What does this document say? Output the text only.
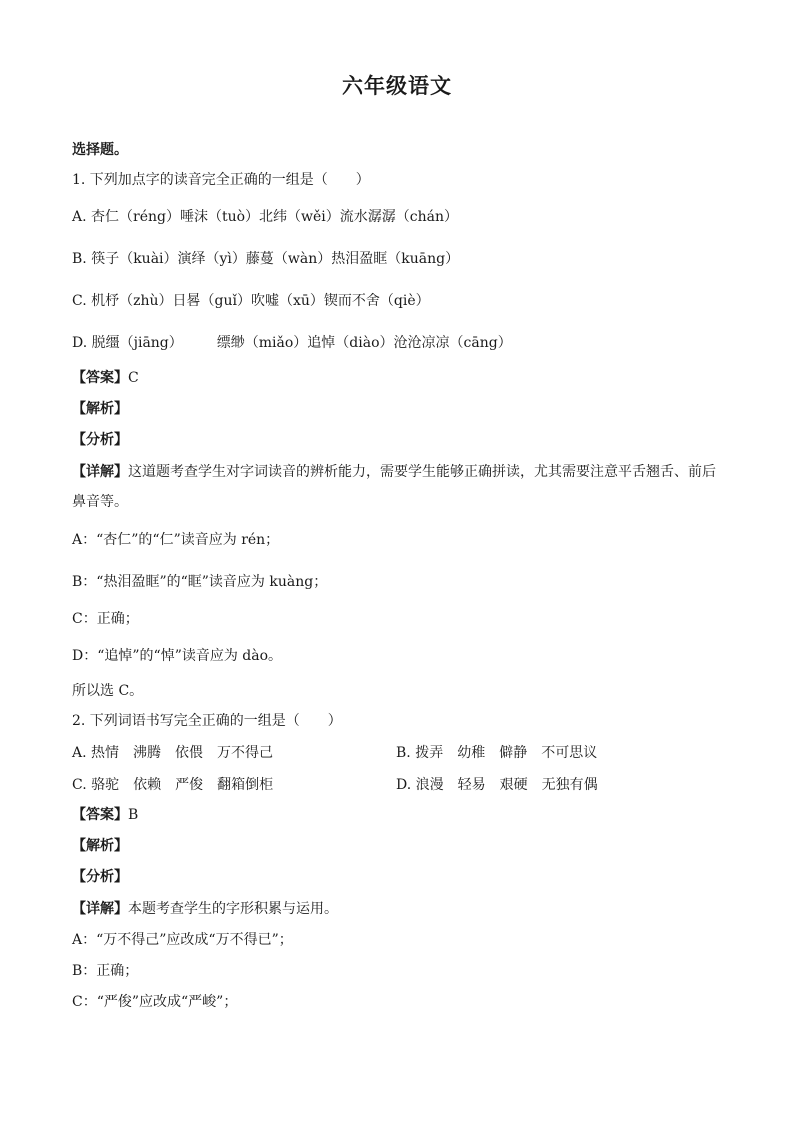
六年级语文
选择题。
1. 下列加点字的读音完全正确的一组是（　　）
A. 杏仁（réng）唾沫（tuò）北纬（wěi）流水潺潺（chán）
B. 筷子（kuài）演绎（yì）藤蔓（wàn）热泪盈眶（kuāng）
C. 机杼（zhù）日晷（guǐ）吹嘘（xū）锲而不舍（qiè）
D. 脱缰（jiāng） 缥缈（miǎo）追悼（diào）沧沧凉凉（cāng）
【答案】C
【解析】
【分析】
【详解】这道题考查学生对字词读音的辨析能力，需要学生能够正确拼读，尤其需要注意平舌翘舌、前后鼻音等。
A：“杏仁”的“仁”读音应为 rén；
B：“热泪盈眶”的“眶”读音应为 kuàng；
C：正确；
D：“追悼”的“悼”读音应为 dào。
所以选 C。
2. 下列词语书写完全正确的一组是（　　）
A. 热情　沸腾　依偎　万不得己	B. 拨弄　幼稚　僻静　不可思议
C. 骆驼　依赖　严俊　翻箱倒柜	D. 浪漫　轻易　艰硬　无独有偶
【答案】B
【解析】
【分析】
【详解】本题考查学生的字形积累与运用。
A：“万不得己”应改成“万不得已”；
B：正确；
C：“严俊”应改成“严峻”；
